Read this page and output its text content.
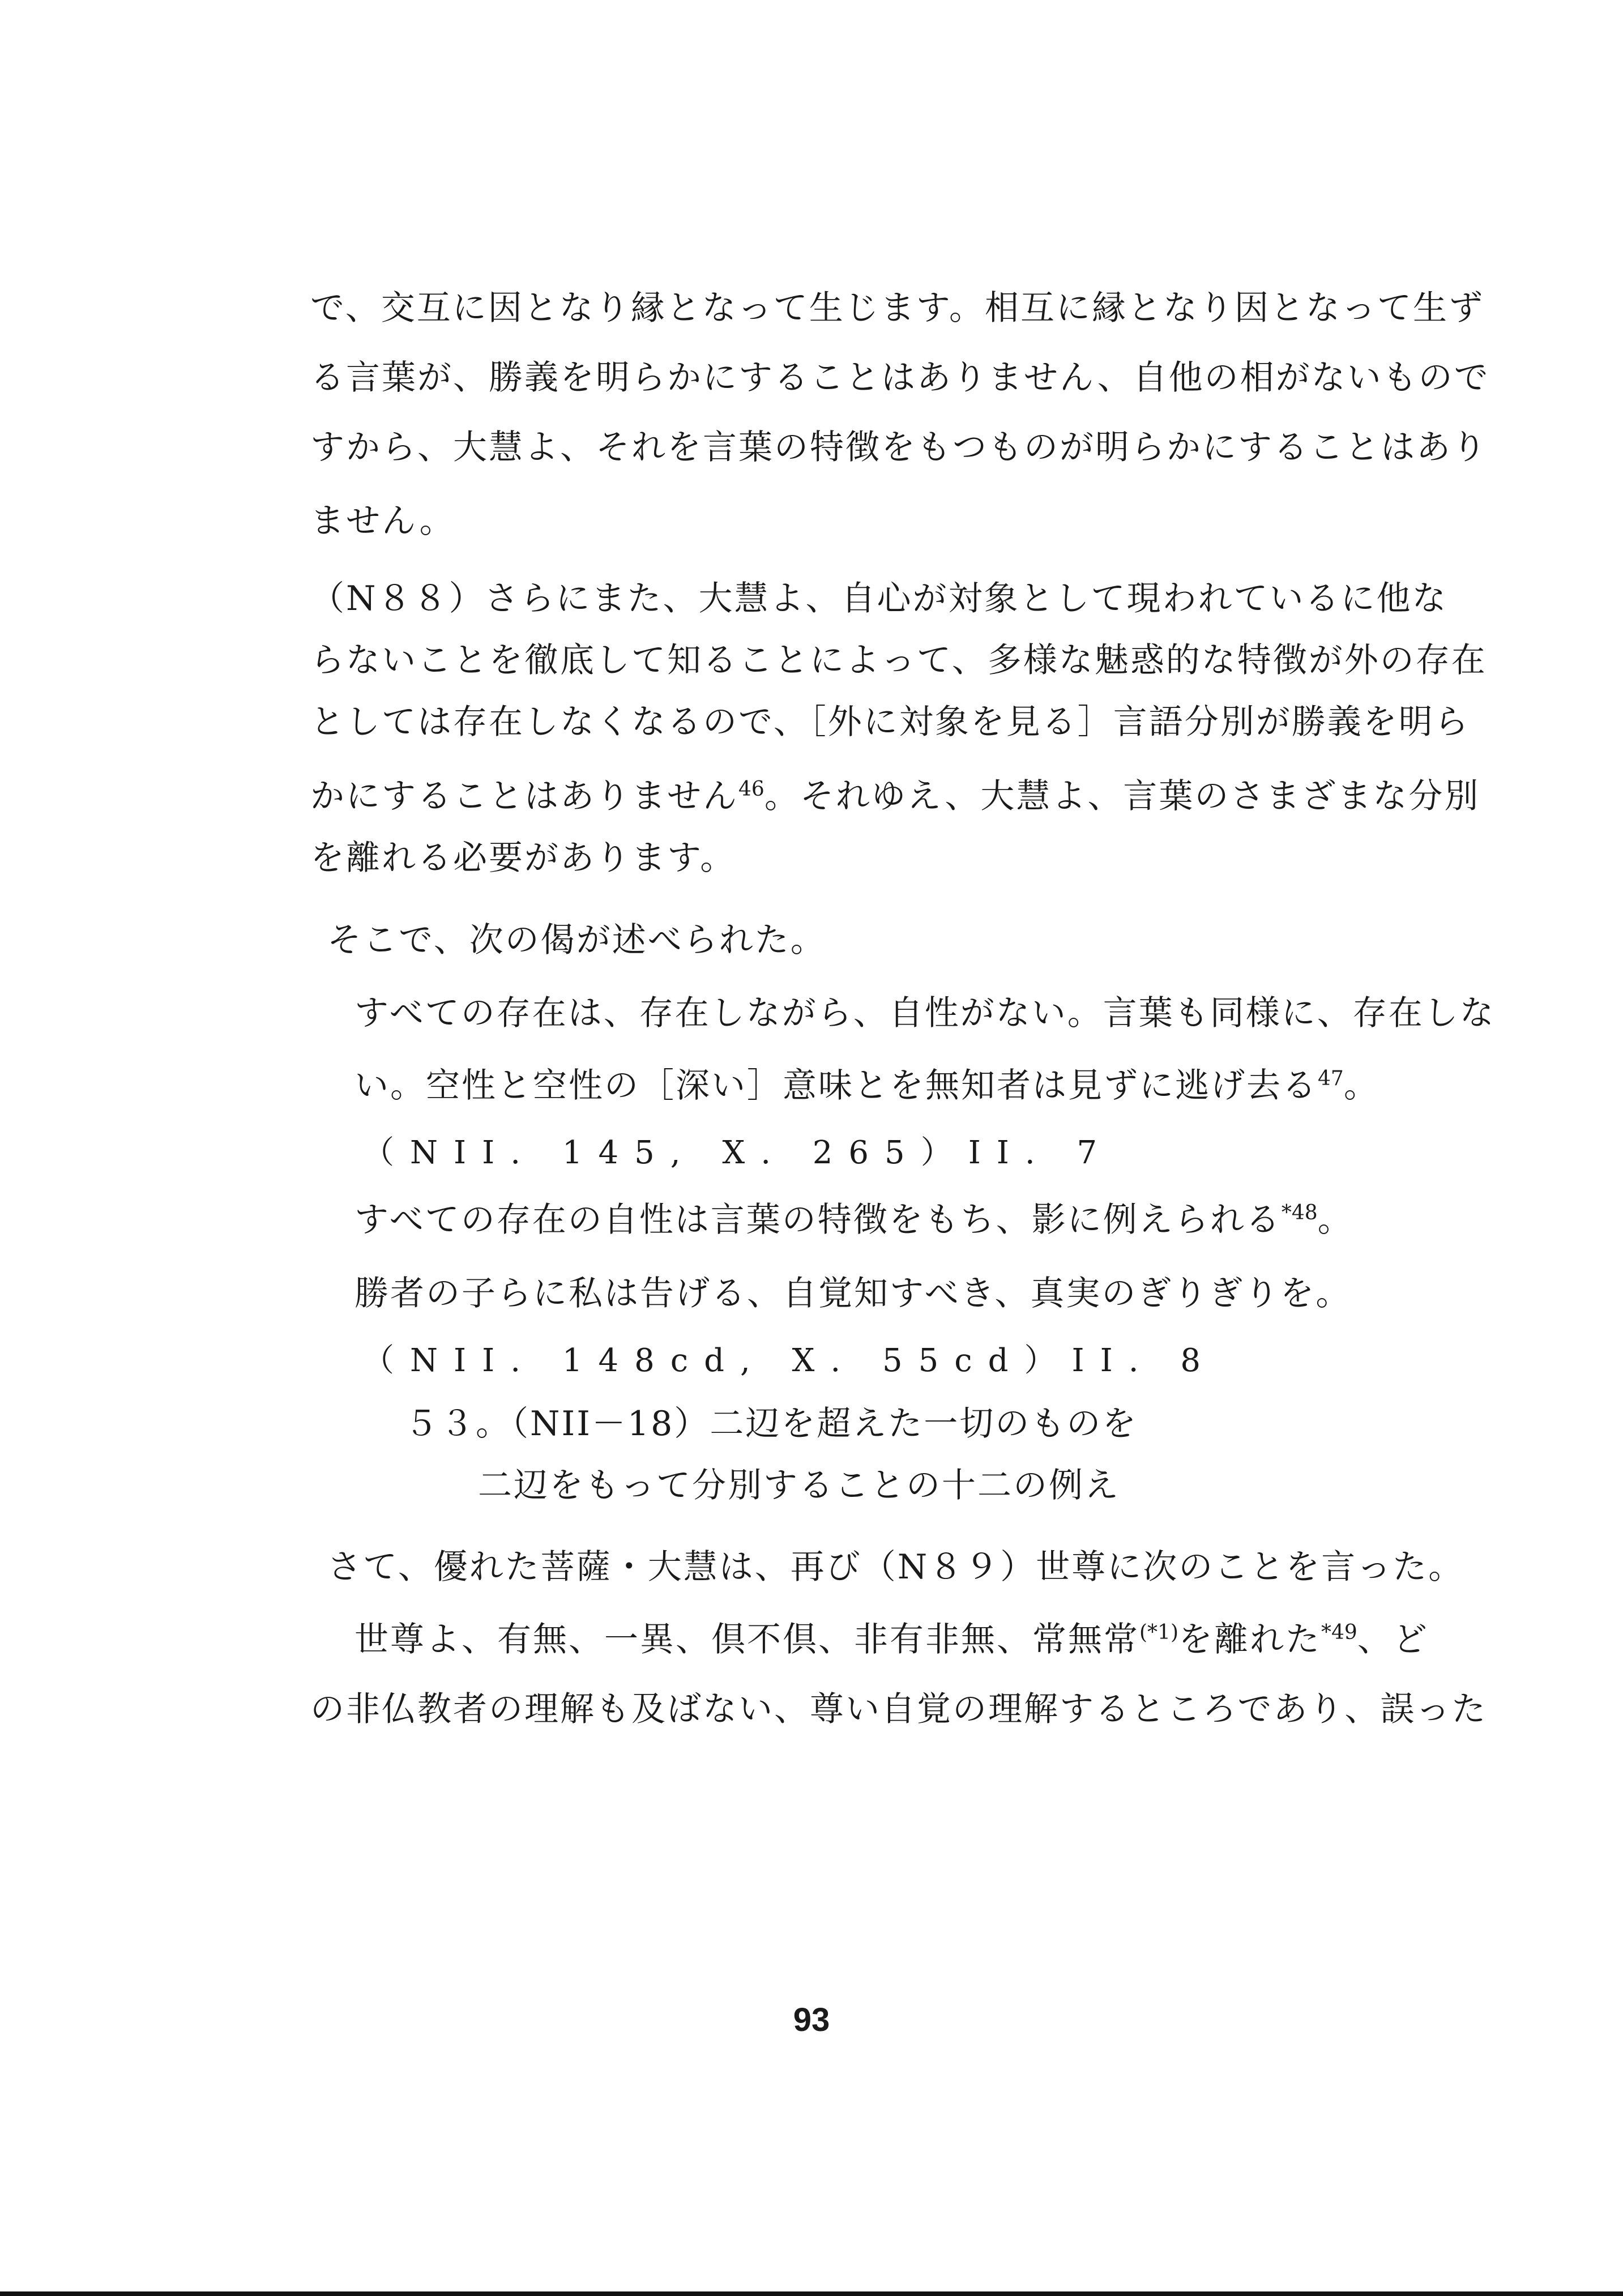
で、交互に因となり縁となって生じます。相互に縁となり因となって生ず
る言葉が、勝義を明らかにすることはありません、自他の相がないもので
すから、大慧よ、それを言葉の特徴をもつものが明らかにすることはあり
ません。
（N８８）さらにまた、大慧よ、自心が対象として現われているに他な
らないことを徹底して知ることによって、多様な魅惑的な特徴が外の存在
としては存在しなくなるので、［外に対象を見る］言語分別が勝義を明ら
かにすることはありません$^{46}$。それゆえ、大慧よ、言葉のさまざまな分別
を離れる必要があります。
そこで、次の偈が述べられた。
すべての存在は、存在しながら、自性がない。言葉も同様に、存在しな
い。空性と空性の［深い］意味とを無知者は見ずに逃げ去る$^{47}$。
（NII. 145, X. 265）II. 7
すべての存在の自性は言葉の特徴をもち、影に例えられる$^{*48}$。
勝者の子らに私は告げる、自覚知すべき、真実のぎりぎりを。
（NII. 148cd, X. 55cd）II. 8
５３。（NII－18）二辺を超えた一切のものを
二辺をもって分別することの十二の例え
さて、優れた菩薩・大慧は、再び（N８９）世尊に次のことを言った。
世尊よ、有無、一異、倶不倶、非有非無、常無常$^{(*1)}$を離れた$^{*49}$、ど
の非仏教者の理解も及ばない、尊い自覚の理解するところであり、誤った
93
